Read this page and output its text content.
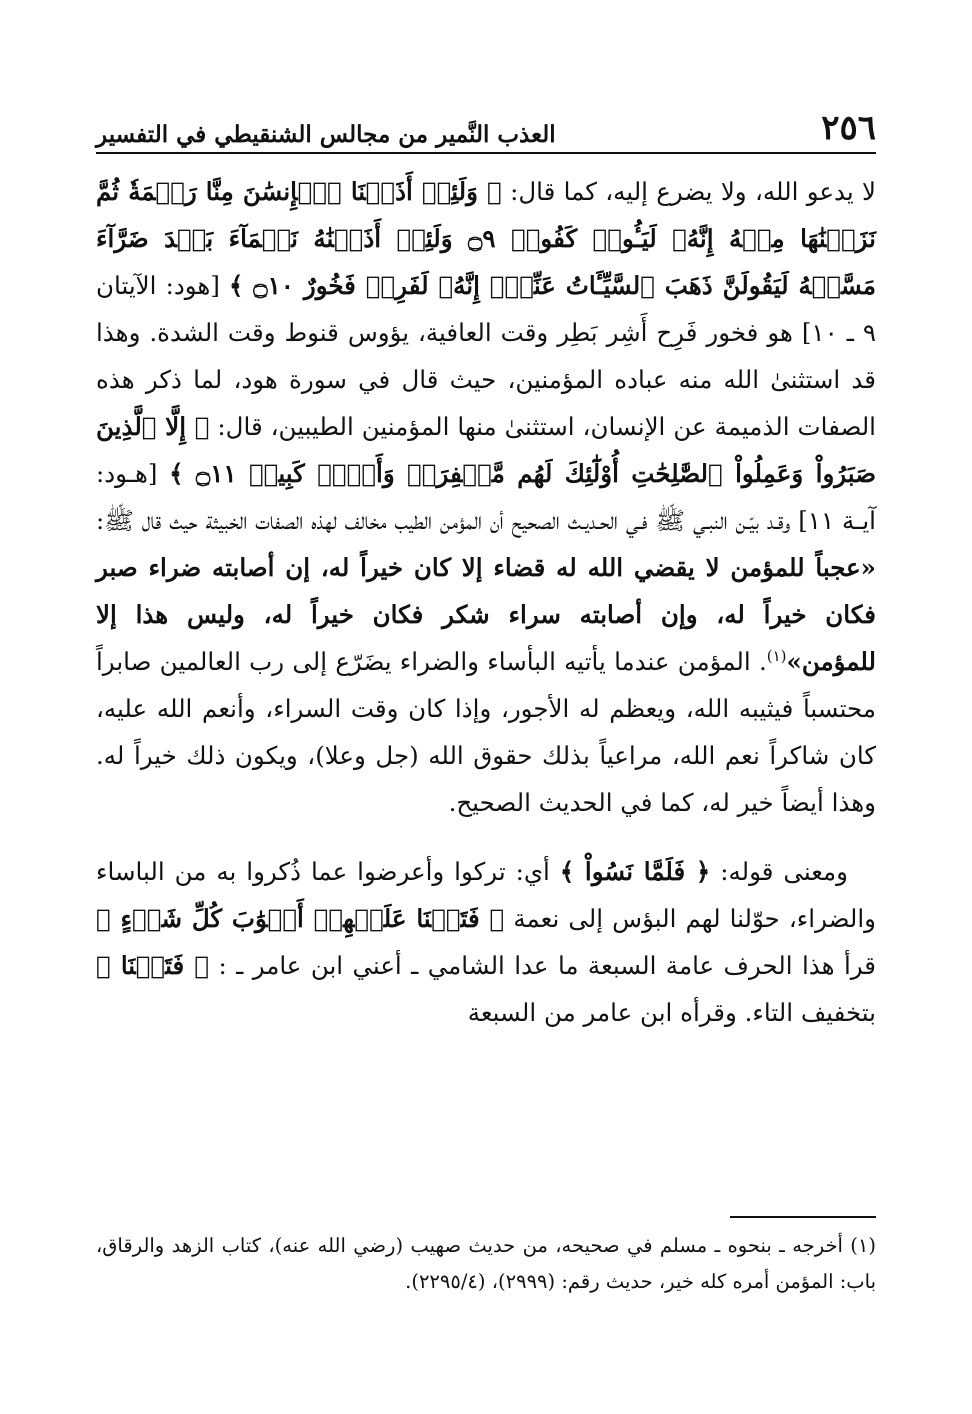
٢٥٦
العذب النَّمير من مجالس الشنقيطي في التفسير

لا يدعو الله، ولا يضرع إليه، كما قال: ﴿ وَلَئِنۡ أَذَقۡنَا ٱلۡإِنسَٰنَ مِنَّا رَحۡمَةٗ ثُمَّ نَزَعۡنَٰهَا مِنۡهُ إِنَّهُۥ لَيَـُٔوسٞ كَفُورٞ ۝٩ وَلَئِنۡ أَذَقۡنَٰهُ نَعۡمَآءَ بَعۡدَ ضَرَّآءَ مَسَّتۡهُ لَيَقُولَنَّ ذَهَبَ ٱلسَّيِّـَٔاتُ عَنِّيٓۚ إِنَّهُۥ لَفَرِحٞ فَخُورٌ ۝١٠ ﴾ [هود: الآيتان ٩ ـ ١٠] هو فخور فَرِح أَشِر بَطِر وقت العافية، يؤوس قنوط وقت الشدة. وهذا قد استثنىٰ الله منه عباده المؤمنين، حيث قال في سورة هود، لما ذكر هذه الصفات الذميمة عن الإنسان، استثنىٰ منها المؤمنين الطيبين، قال: ﴿ إِلَّا ٱلَّذِينَ صَبَرُواْ وَعَمِلُواْ ٱلصَّٰلِحَٰتِ أُوْلَٰٓئِكَ لَهُم مَّغۡفِرَةٞ وَأَجۡرٞ كَبِيرٞ ۝١١ ﴾ [هـود: آيـة ١١] وقـد بيّـن النبـي ﷺ فـي الحـديـث الصحيح أن المؤمن الطيب مخالف لهذه الصفات الخبيثة حيث قال ﷺ: «عجباً للمؤمن لا يقضي الله له قضاء إلا كان خيراً له، إن أصابته ضراء صبر فكان خيراً له، وإن أصابته سراء شكر فكان خيراً له، وليس هذا إلا للمؤمن»$^{(١)}$. المؤمن عندما يأتيه البأساء والضراء يضَرّع إلى رب العالمين صابراً محتسباً فيثيبه الله، ويعظم له الأجور، وإذا كان وقت السراء، وأنعم الله عليه، كان شاكراً نعم الله، مراعياً بذلك حقوق الله (جل وعلا)، ويكون ذلك خيراً له. وهذا أيضاً خير له، كما في الحديث الصحيح.

ومعنى قوله: ﴿ فَلَمَّا نَسُواْ ﴾ أي: تركوا وأعرضوا عما ذُكروا به من الباساء والضراء، حوّلنا لهم البؤس إلى نعمة ﴿ فَتَحۡنَا عَلَيۡهِمۡ أَبۡوَٰبَ كُلِّ شَيۡءٍ ﴾ قرأ هذا الحرف عامة السبعة ما عدا الشامي ـ أعني ابن عامر ـ : ﴿ فَتَحۡنَا ﴾ بتخفيف التاء. وقرأه ابن عامر من السبعة

(١) أخرجه ـ بنحوه ـ مسلم في صحيحه، من حديث صهيب (رضي الله عنه)، كتاب الزهد والرقاق، باب: المؤمن أمره كله خير، حديث رقم: (٢٩٩٩)، (٢٢٩٥/٤).
